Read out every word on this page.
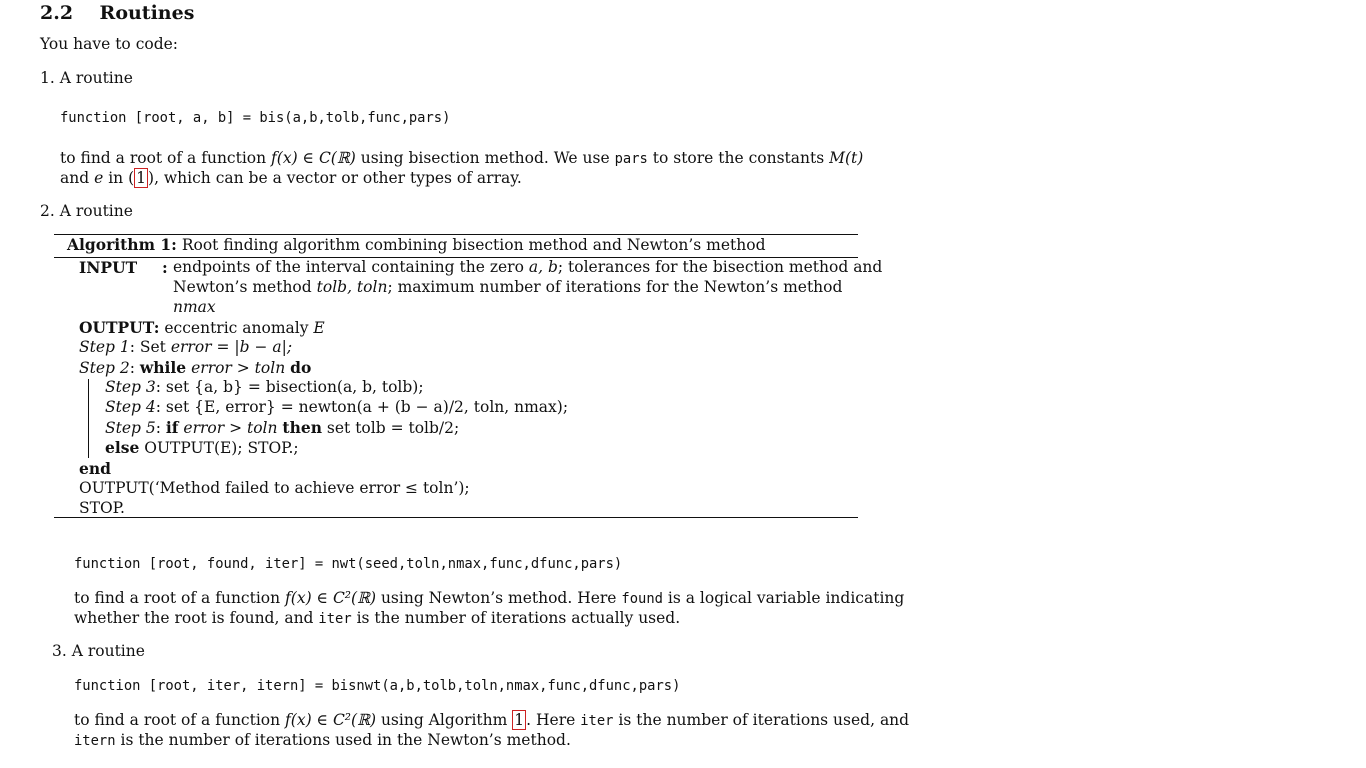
2.2 Routines
You have to code:
1. A routine
function [root, a, b] = bis(a,b,tolb,func,pars)
to find a root of a function f(x) ∈ C(ℝ) using bisection method. We use pars to store the constants M(t)
and e in ( 1 ), which can be a vector or other types of array.
2. A routine
Algorithm 1: Root finding algorithm combining bisection method and Newton’s method
INPUT : endpoints of the interval containing the zero a, b; tolerances for the bisection method and
Newton’s method tolb, toln; maximum number of iterations for the Newton’s method
nmax
OUTPUT: eccentric anomaly E
Step 1: Set error = |b − a|;
Step 2: while error > toln do
Step 3: set {a, b} = bisection(a, b, tolb);
Step 4: set {E, error} = newton(a + (b − a)/2, toln, nmax);
Step 5: if error > toln then set tolb = tolb/2;
else OUTPUT(E); STOP.;
end
OUTPUT(‘Method failed to achieve error ≤ toln’);
STOP.
function [root, found, iter] = nwt(seed,toln,nmax,func,dfunc,pars)
to find a root of a function f(x) ∈ C²(ℝ) using Newton’s method. Here found is a logical variable indicating
whether the root is found, and iter is the number of iterations actually used.
3. A routine
function [root, iter, itern] = bisnwt(a,b,tolb,toln,nmax,func,dfunc,pars)
to find a root of a function f(x) ∈ C²(ℝ) using Algorithm 1 . Here iter is the number of iterations used, and
itern is the number of iterations used in the Newton’s method.
